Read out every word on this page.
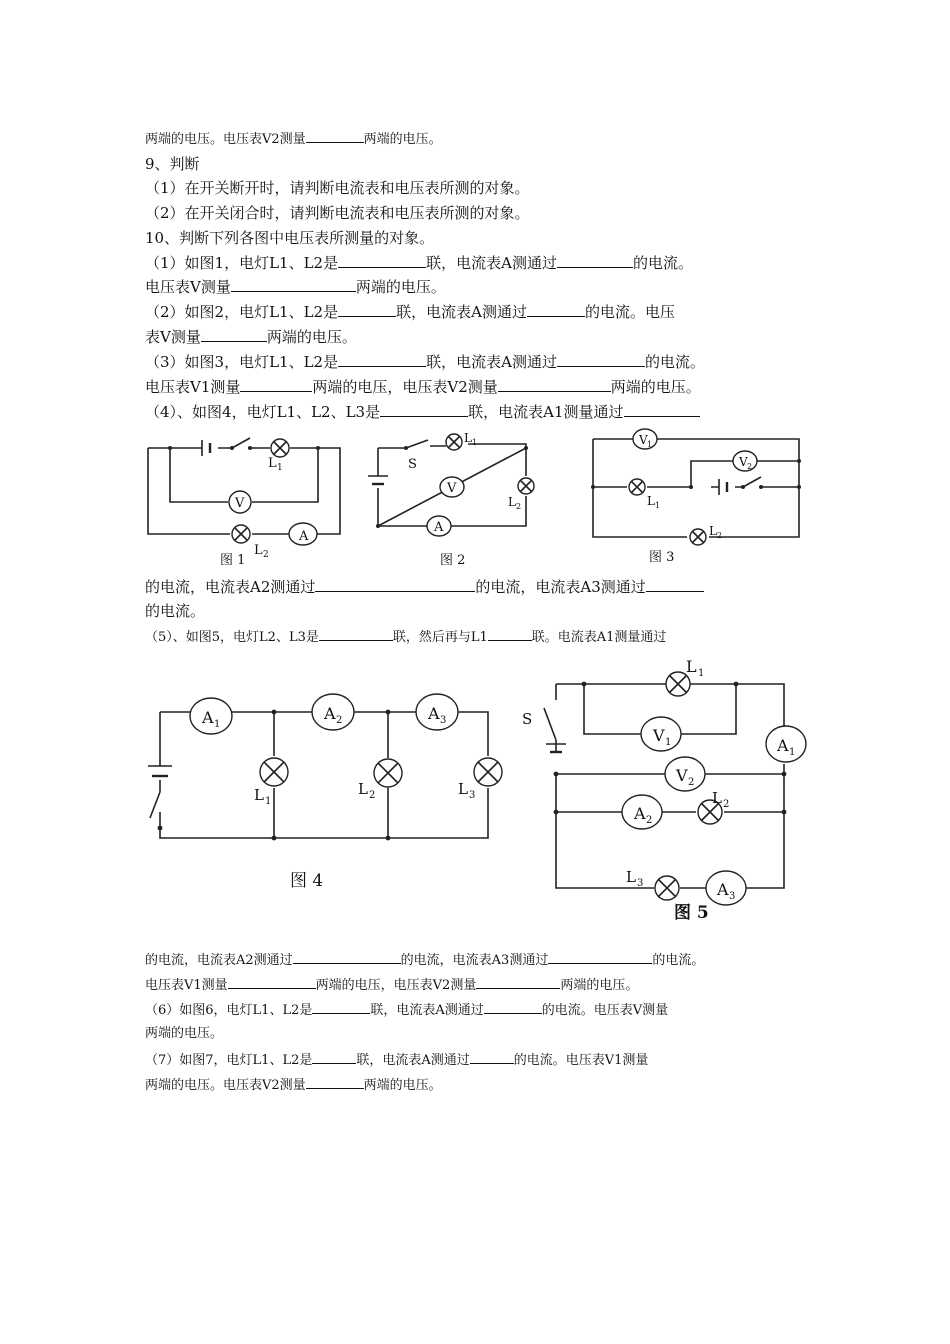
两端的电压。电压表V2测量	两端的电压。
9、判断
（1）在开关断开时，请判断电流表和电压表所测的对象。
（2）在开关闭合时，请判断电流表和电压表所测的对象。
10、判断下列各图中电压表所测量的对象。
（1）如图1，电灯L1、L2是	联，电流表A测通过	的电流。
电压表V测量	两端的电压。
（2）如图2，电灯L1、L2是	联，电流表A测通过	的电流。电压
表V测量	两端的电压。
（3）如图3，电灯L1、L2是	联，电流表A测通过	的电流。
电压表V1测量	两端的电压，电压表V2测量	两端的电压。
（4）、如图4，电灯L1、L2、L3是	联，电流表A1测量通过
L 1
V
L 2
A
图 1
S
L 1
V
L 2
A
图 2
V 1
V 2
L 1
L 2
图 3
的电流，电流表A2测通过	的电流，电流表A3测通过
的电流。
（5）、如图5，电灯L2、L3是	联，然后再与L1	联。电流表A1测量通过
A 1
A 2	A 3
L 1
L 2	L 3
图 4
S
L 1
V 1	A 1
V 2
A 2
L 2
L 3	A 3
图 5
的电流，电流表A2测通过	的电流，电流表A3测通过	的电流。
电压表V1测量	两端的电压，电压表V2测量	两端的电压。
（6）如图6，电灯L1、L2是	联，电流表A测通过	的电流。电压表V测量
两端的电压。
（7）如图7，电灯L1、L2是	联，电流表A测通过	的电流。电压表V1测量
两端的电压。电压表V2测量	两端的电压。
